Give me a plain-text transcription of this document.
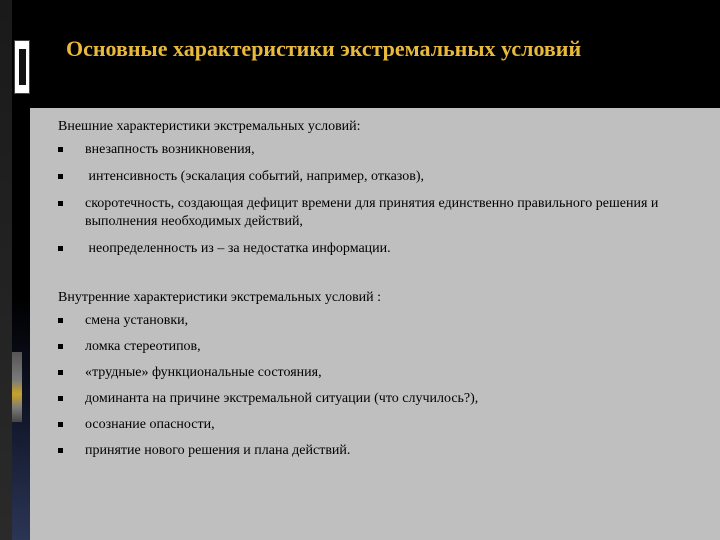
Основные характеристики экстремальных условий
Внешние характеристики экстремальных условий:
внезапность возникновения,
интенсивность (эскалация событий, например, отказов),
скоротечность, создающая дефицит времени для принятия единственно правильного решения и выполнения необходимых действий,
неопределенность из – за недостатка информации.
Внутренние характеристики экстремальных условий :
смена установки,
ломка стереотипов,
«трудные» функциональные состояния,
доминанта на причине экстремальной ситуации (что случилось?),
осознание опасности,
принятие нового решения и плана действий.
